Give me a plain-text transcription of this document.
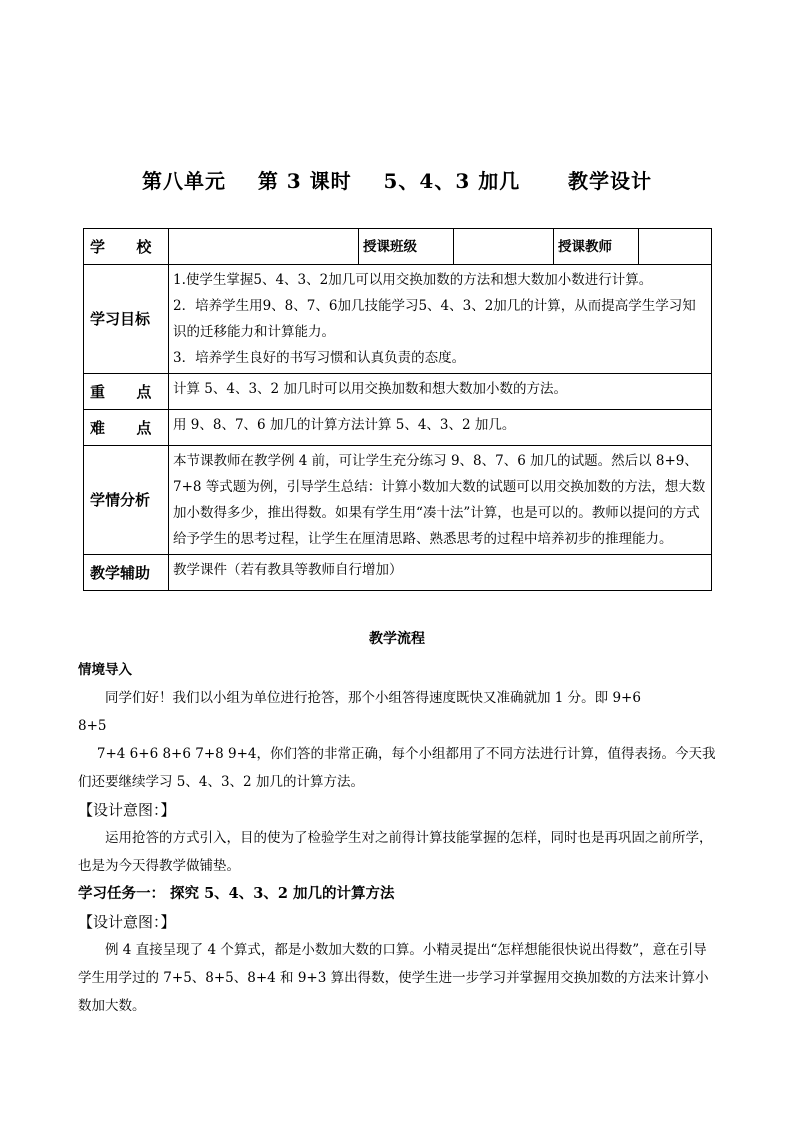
第八单元    第 3 课时    5、4、3 加几      教学设计
学      校		授课班级		授课教师	
学习目标	1.使学生掌握5、4、3、2加几可以用交换加数的方法和想大数加小数进行计算。

2．培养学生用9、8、7、6加几技能学习5、4、3、2加几的计算，从而提高学生学习知识的迁移能力和计算能力。

3．培养学生良好的书写习惯和认真负责的态度。				

重      点	计算 5、4、3、2 加几时可以用交换加数和想大数加小数的方法。				
难      点	用 9、8、7、6 加几的计算方法计算 5、4、3、2 加几。				
学情分析	本节课教师在教学例 4 前，可让学生充分练习 9、8、7、6 加几的试题。然后以 8+9、7+8 等式题为例，引导学生总结：计算小数加大数的试题可以用交换加数的方法，想大数加小数得多少，推出得数。如果有学生用“凑十法”计算，也是可以的。教师以提问的方式给予学生的思考过程，让学生在厘清思路、熟悉思考的过程中培养初步的推理能力。				
教学辅助	教学课件（若有教具等教师自行增加）				
教学流程

情境导入

同学们好！我们以小组为单位进行抢答，那个小组答得速度既快又准确就加 1 分。即 9+6

8+5

7+4 6+6 8+6 7+8 9+4，你们答的非常正确，每个小组都用了不同方法进行计算，值得表扬。今天我们还要继续学习 5、4、3、2 加几的计算方法。

【设计意图：】

运用抢答的方式引入，目的使为了检验学生对之前得计算技能掌握的怎样，同时也是再巩固之前所学，也是为今天得教学做铺垫。

学习任务一： 探究 5、4、3、2 加几的计算方法

【设计意图：】

例 4 直接呈现了 4 个算式，都是小数加大数的口算。小精灵提出“怎样想能很快说出得数”，意在引导学生用学过的 7+5、8+5、8+4 和 9+3 算出得数，使学生进一步学习并掌握用交换加数的方法来计算小数加大数。
